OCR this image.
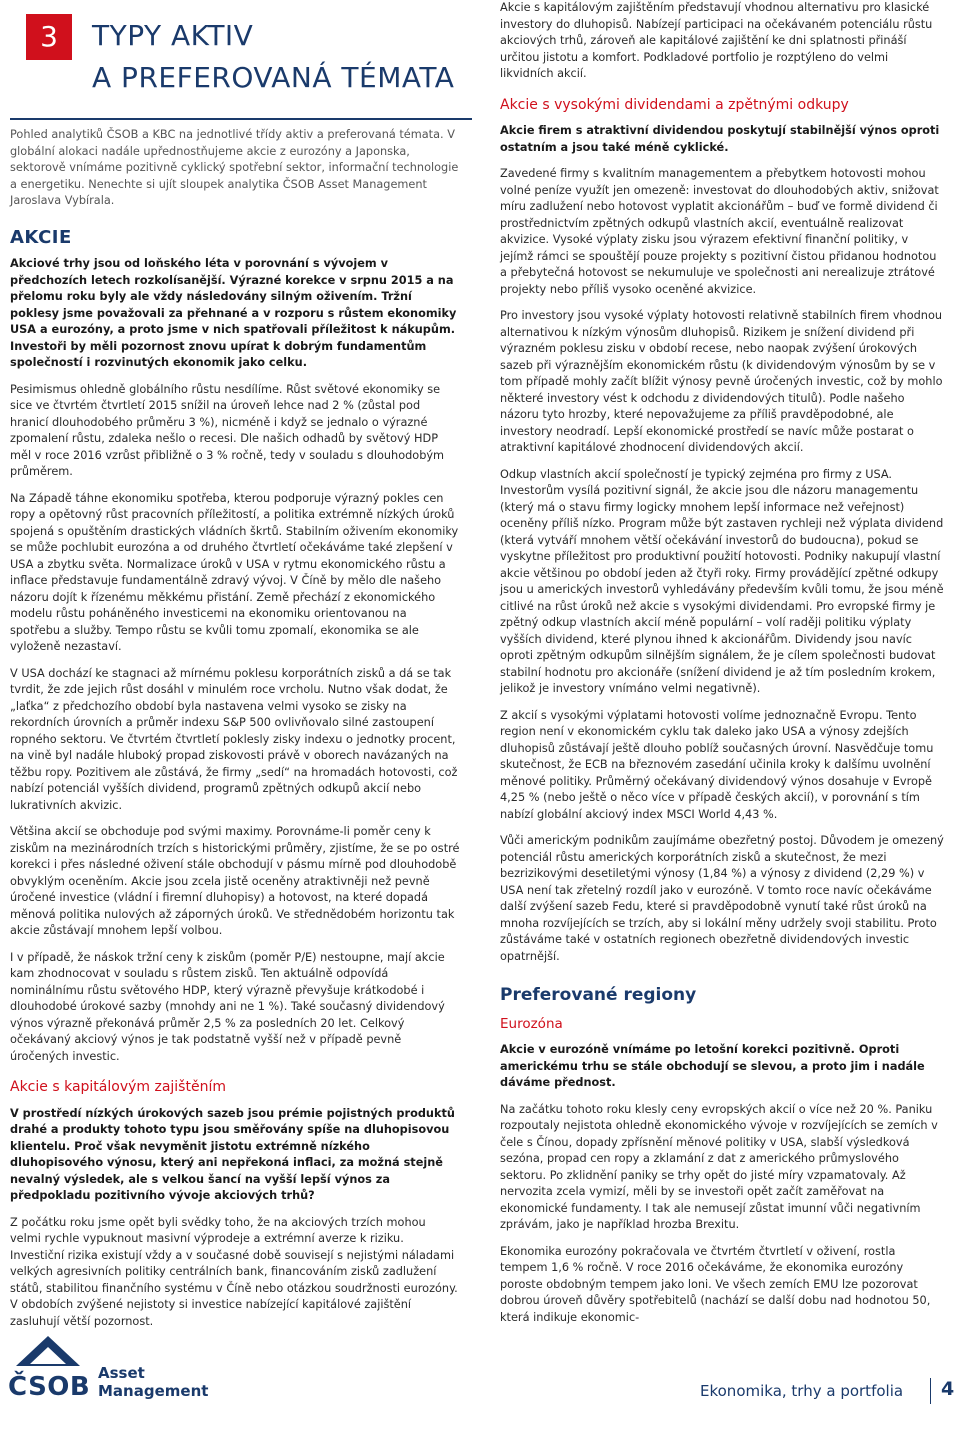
3	TYPY AKTIV
A PREFEROVANÁ TÉMATA

Pohled analytiků ČSOB a KBC na jednotlivé třídy aktiv a preferovaná témata. V globální alokaci nadále upřednostňujeme akcie z eurozóny a Japonska, sektorově vnímáme pozitivně cyklický spotřební sektor, informační technologie a energetiku. Nenechte si ujít sloupek analytika ČSOB Asset Management Jaroslava Vybírala.

AKCIE

Akciové trhy jsou od loňského léta v porovnání s vývojem v předchozích letech rozkolísanější. Výrazné korekce v srpnu 2015 a na přelomu roku byly ale vždy následovány silným oživením. Tržní poklesy jsme považovali za přehnané a v rozporu s růstem ekonomiky USA a eurozóny, a proto jsme v nich spatřovali příležitost k nákupům. Investoři by měli pozornost znovu upírat k dobrým fundamentům společností i rozvinutých ekonomik jako celku.

Pesimismus ohledně globálního růstu nesdílíme. Růst světové ekonomiky se sice ve čtvrtém čtvrtletí 2015 snížil na úroveň lehce nad 2 % (zůstal pod hranicí dlouhodobého průměru 3 %), nicméně i když se jednalo o výrazné zpomalení růstu, zdaleka nešlo o recesi. Dle našich odhadů by světový HDP měl v roce 2016 vzrůst přibližně o 3 % ročně, tedy v souladu s dlouhodobým průměrem.

Na Západě táhne ekonomiku spotřeba, kterou podporuje výrazný pokles cen ropy a opětovný růst pracovních příležitostí, a politika extrémně nízkých úroků spojená s opuštěním drastických vládních škrtů. Stabilním oživením ekonomiky se může pochlubit eurozóna a od druhého čtvrtletí očekáváme také zlepšení v USA a zbytku světa. Normalizace úroků v USA v rytmu ekonomického růstu a inflace představuje fundamentálně zdravý vývoj. V Číně by mělo dle našeho názoru dojít k řízenému měkkému přistání. Země přechází z ekonomického modelu růstu poháněného investicemi na ekonomiku orientovanou na spotřebu a služby. Tempo růstu se kvůli tomu zpomalí, ekonomika se ale vyloženě nezastaví.

V USA dochází ke stagnaci až mírnému poklesu korporátních zisků a dá se tak tvrdit, že zde jejich růst dosáhl v minulém roce vrcholu. Nutno však dodat, že „laťka“ z předchozího období byla nastavena velmi vysoko se zisky na rekordních úrovních a průměr indexu S&P 500 ovlivňovalo silné zastoupení ropného sektoru. Ve čtvrtém čtvrtletí poklesly zisky indexu o jednotky procent, na vině byl nadále hluboký propad ziskovosti právě v oborech navázaných na těžbu ropy. Pozitivem ale zůstává, že firmy „sedí“ na hromadách hotovosti, což nabízí potenciál vyšších dividend, programů zpětných odkupů akcií nebo lukrativních akvizic.

Většina akcií se obchoduje pod svými maximy. Porovnáme-li poměr ceny k ziskům na mezinárodních trzích s historickými průměry, zjistíme, že se po ostré korekci i přes následné oživení stále obchodují v pásmu mírně pod dlouhodobě obvyklým oceněním. Akcie jsou zcela jistě oceněny atraktivněji než pevně úročené investice (vládní i firemní dluhopisy) a hotovost, na které dopadá měnová politika nulových až záporných úroků. Ve střednědobém horizontu tak akcie zůstávají mnohem lepší volbou.

I v případě, že náskok tržní ceny k ziskům (poměr P/E) nestoupne, mají akcie kam zhodnocovat v souladu s růstem zisků. Ten aktuálně odpovídá nominálnímu růstu světového HDP, který výrazně převyšuje krátkodobé i dlouhodobé úrokové sazby (mnohdy ani ne 1 %). Také současný dividendový výnos výrazně překonává průměr 2,5 % za posledních 20 let. Celkový očekávaný akciový výnos je tak podstatně vyšší než v případě pevně úročených investic.

Akcie s kapitálovým zajištěním

V prostředí nízkých úrokových sazeb jsou prémie pojistných produktů drahé a produkty tohoto typu jsou směřovány spíše na dluhopisovou klientelu. Proč však nevyměnit jistotu extrémně nízkého dluhopisového výnosu, který ani nepřekoná inflaci, za možná stejně nevalný výsledek, ale s velkou šancí na vyšší lepší výnos za předpokladu pozitivního vývoje akciových trhů?

Z počátku roku jsme opět byli svědky toho, že na akciových trzích mohou velmi rychle vypuknout masivní výprodeje a extrémní averze k riziku. Investiční rizika existují vždy a v současné době souvisejí s nejistými náladami velkých agresivních politiky centrálních bank, financováním zisků zadlužení států, stabilitou finančního systému v Číně nebo otázkou soudržnosti eurozóny. V obdobích zvýšené nejistoty si investice nabízející kapitálové zajištění zasluhují větší pozornost.

Akcie s kapitálovým zajištěním představují vhodnou alternativu pro klasické investory do dluhopisů. Nabízejí participaci na očekávaném potenciálu růstu akciových trhů, zároveň ale kapitálové zajištění ke dni splatnosti přináší určitou jistotu a komfort. Podkladové portfolio je rozptýleno do velmi likvidních akcií.

Akcie s vysokými dividendami a zpětnými odkupy

Akcie firem s atraktivní dividendou poskytují stabilnější výnos oproti ostatním a jsou také méně cyklické.

Zavedené firmy s kvalitním managementem a přebytkem hotovosti mohou volné peníze využít jen omezeně: investovat do dlouhodobých aktiv, snižovat míru zadlužení nebo hotovost vyplatit akcionářům – buď ve formě dividend či prostřednictvím zpětných odkupů vlastních akcií, eventuálně realizovat akvizice. Vysoké výplaty zisku jsou výrazem efektivní finanční politiky, v jejímž rámci se spouštějí pouze projekty s pozitivní čistou přidanou hodnotou a přebytečná hotovost se nekumuluje ve společnosti ani nerealizuje ztrátové projekty nebo příliš vysoko oceněné akvizice.

Pro investory jsou vysoké výplaty hotovosti relativně stabilních firem vhodnou alternativou k nízkým výnosům dluhopisů. Rizikem je snížení dividend při výrazném poklesu zisku v období recese, nebo naopak zvýšení úrokových sazeb při výraznějším ekonomickém růstu (k dividendovým výnosům by se v tom případě mohly začít blížit výnosy pevně úročených investic, což by mohlo některé investory vést k odchodu z dividendových titulů). Podle našeho názoru tyto hrozby, které nepovažujeme za příliš pravděpodobné, ale investory neodradí. Lepší ekonomické prostředí se navíc může postarat o atraktivní kapitálové zhodnocení dividendových akcií.

Odkup vlastních akcií společností je typický zejména pro firmy z USA. Investorům vysílá pozitivní signál, že akcie jsou dle názoru managementu (který má o stavu firmy logicky mnohem lepší informace než veřejnost) oceněny příliš nízko. Program může být zastaven rychleji než výplata dividend (která vytváří mnohem větší očekávání investorů do budoucna), pokud se vyskytne příležitost pro produktivní použití hotovosti. Podniky nakupují vlastní akcie většinou po období jeden až čtyři roky. Firmy provádějící zpětné odkupy jsou u amerických investorů vyhledávány především kvůli tomu, že jsou méně citlivé na růst úroků než akcie s vysokými dividendami. Pro evropské firmy je zpětný odkup vlastních akcií méně populární – volí raději politiku výplaty vyšších dividend, které plynou ihned k akcionářům. Dividendy jsou navíc oproti zpětným odkupům silnějším signálem, že je cílem společnosti budovat stabilní hodnotu pro akcionáře (snížení dividend je až tím posledním krokem, jelikož je investory vnímáno velmi negativně).

Z akcií s vysokými výplatami hotovosti volíme jednoznačně Evropu. Tento region není v ekonomickém cyklu tak daleko jako USA a výnosy zdejších dluhopisů zůstávají ještě dlouho poblíž současných úrovní. Nasvědčuje tomu skutečnost, že ECB na březnovém zasedání učinila kroky k dalšímu uvolnění měnové politiky. Průměrný očekávaný dividendový výnos dosahuje v Evropě 4,25 % (nebo ještě o něco více v případě českých akcií), v porovnání s tím nabízí globální akciový index MSCI World 4,43 %.

Vůči americkým podnikům zaujímáme obezřetný postoj. Důvodem je omezený potenciál růstu amerických korporátních zisků a skutečnost, že mezi bezrizikovými desetiletými výnosy (1,84 %) a výnosy z dividend (2,29 %) v USA není tak zřetelný rozdíl jako v eurozóně. V tomto roce navíc očekáváme další zvýšení sazeb Fedu, které si pravděpodobně vynutí také růst úroků na mnoha rozvíjejících se trzích, aby si lokální měny udržely svoji stabilitu. Proto zůstáváme také v ostatních regionech obezřetně dividendových investic opatrnější.

Preferované regiony
Eurozóna

Akcie v eurozóně vnímáme po letošní korekci pozitivně. Oproti americkému trhu se stále obchodují se slevou, a proto jim i nadále dáváme přednost.

Na začátku tohoto roku klesly ceny evropských akcií o více než 20 %. Paniku rozpoutaly nejistota ohledně ekonomického vývoje v rozvíjejících se zemích v čele s Čínou, dopady zpřísnění měnové politiky v USA, slabší výsledková sezóna, propad cen ropy a zklamání z dat z amerického průmyslového sektoru. Po zklidnění paniky se trhy opět do jisté míry vzpamatovaly. Až nervozita zcela vymizí, měli by se investoři opět začít zaměřovat na ekonomické fundamenty. I tak ale nemusejí zůstat imunní vůči negativním zprávám, jako je například hrozba Brexitu.

Ekonomika eurozóny pokračovala ve čtvrtém čtvrtletí v oživení, rostla tempem 1,6 % ročně. V roce 2016 očekáváme, že ekonomika eurozóny poroste obdobným tempem jako loni. Ve všech zemích EMU lze pozorovat dobrou úroveň důvěry spotřebitelů (nachází se další dobu nad hodnotou 50, která indikuje ekonomic-

ČSOB Asset
Management	Ekonomika, trhy a portfolia 4
